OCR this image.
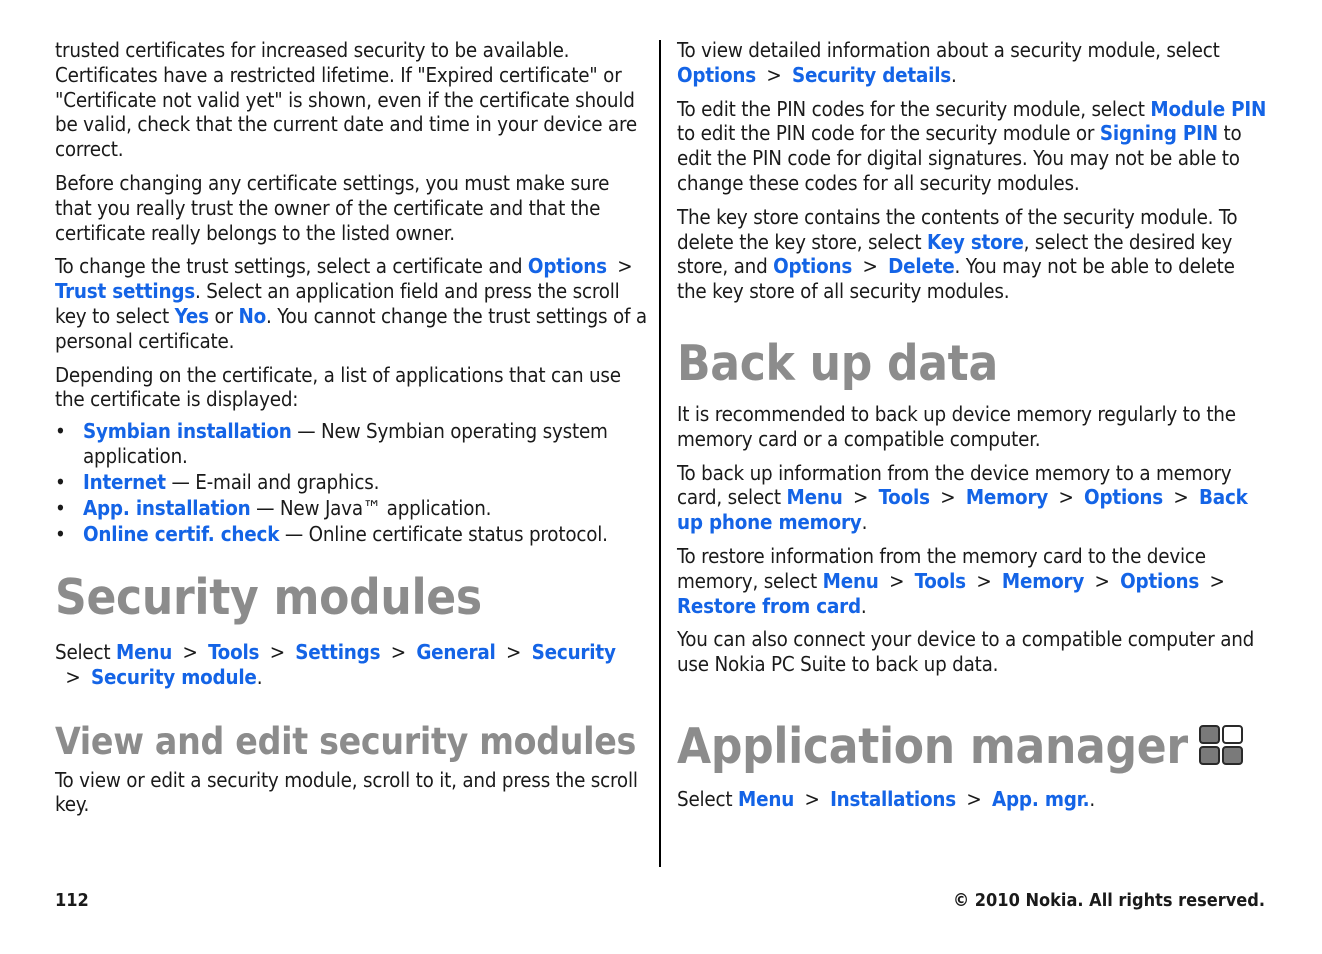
trusted certificates for increased security to be available. Certificates have a restricted lifetime. If "Expired certificate" or "Certificate not valid yet" is shown, even if the certificate should be valid, check that the current date and time in your device are correct.

Before changing any certificate settings, you must make sure that you really trust the owner of the certificate and that the certificate really belongs to the listed owner.

To change the trust settings, select a certificate and Options >Trust settings. Select an application field and press the scroll key to select Yes or No. You cannot change the trust settings of a personal certificate.

Depending on the certificate, a list of applications that can use the certificate is displayed:

• Symbian installation — New Symbian operating system application.
• Internet — E-mail and graphics.
• App. installation — New Java™ application.
• Online certif. check — Online certificate status protocol.
Security modules

Select Menu > Tools > Settings > General > Security> Security module.

View and edit security modules

To view or edit a security module, scroll to it, and press the scroll key.

To view detailed information about a security module, select Options > Security details.

To edit the PIN codes for the security module, select Module PIN to edit the PIN code for the security module or Signing PIN to edit the PIN code for digital signatures. You may not be able to change these codes for all security modules.

The key store contains the contents of the security module. To delete the key store, select Key store, select the desired key store, and Options > Delete. You may not be able to delete the key store of all security modules.

Back up data

It is recommended to back up device memory regularly to the memory card or a compatible computer.

To back up information from the device memory to a memory card, select Menu > Tools > Memory > Options > Back up phone memory.

To restore information from the memory card to the device memory, select Menu > Tools > Memory > Options >Restore from card.

You can also connect your device to a compatible computer and use Nokia PC Suite to back up data.

Application manager

Select Menu > Installations > App. mgr..

112	© 2010 Nokia. All rights reserved.
